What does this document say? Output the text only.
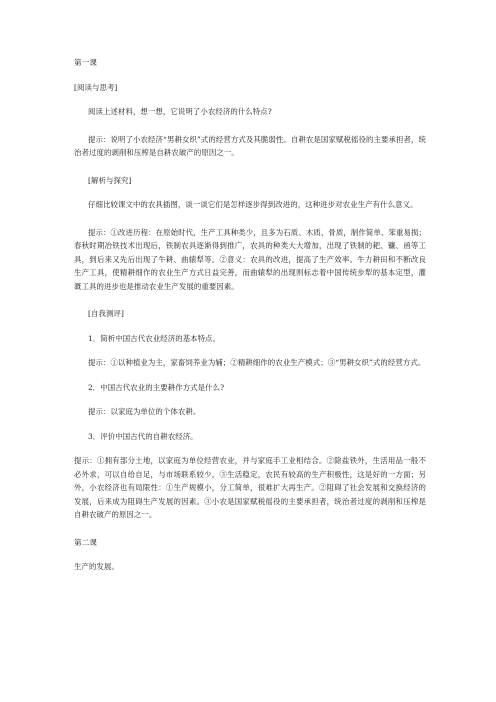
第一课

[阅读与思考]

阅读上述材料，想一想，它说明了小农经济的什么特点?

提示：说明了小农经济“男耕女织”式的经营方式及其脆弱性。自耕农是国家赋税徭役的主要承担者，统治者过度的剥削和压榨是自耕农破产的原因之一。

[解析与探究]

仔细比较课文中的农具插图，谈一谈它们是怎样逐步得到改进的，这种进步对农业生产有什么意义。

提示：①改进历程：在原始时代，生产工具种类少，且多为石质、木质、骨质，制作简单、笨重易损；春秋时期冶铁技术出现后，铁制农具逐渐得到推广，农具的种类大大增加，出现了铁制的耙、镰、函等工具，到后来又先后出现了牛耕、曲辕犁等。②意义：农具的改进，提高了生产效率。牛力耕田和不断改良生产工具，使精耕细作的农业生产方式日益完善，而曲辕犁的出现则标志着中国传统步犁的基本定型，灌溉工具的进步也是推动农业生产发展的重要因素。

[自我测评]

1．简析中国古代农业经济的基本特点。

提示：①以种植业为主，家畜饲养业为辅；②精耕细作的农业生产模式；③“男耕女织”式的经营方式。

2．中国古代农业的主要耕作方式是什么?

提示：以家庭为单位的个体农耕。

3．评价中国古代的自耕农经济。

提示：①拥有部分土地，以家庭为单位经营农业，并与家庭手工业相结合。②除盐铁外，生活用品一般不必外求，可以自给自足，与市场联系较少。③生活稳定，农民有较高的生产积极性，这是好的一方面；另外，小农经济也有局限性：①生产规模小，分工简单，很难扩大再生产。②阻碍了社会发展和交换经济的发展，后来成为阻碍生产发展的因素。③小农是国家赋税徭役的主要承担者，统治者过度的剥削和压榨是自耕农破产的原因之一。

第二课

生产的发展。
